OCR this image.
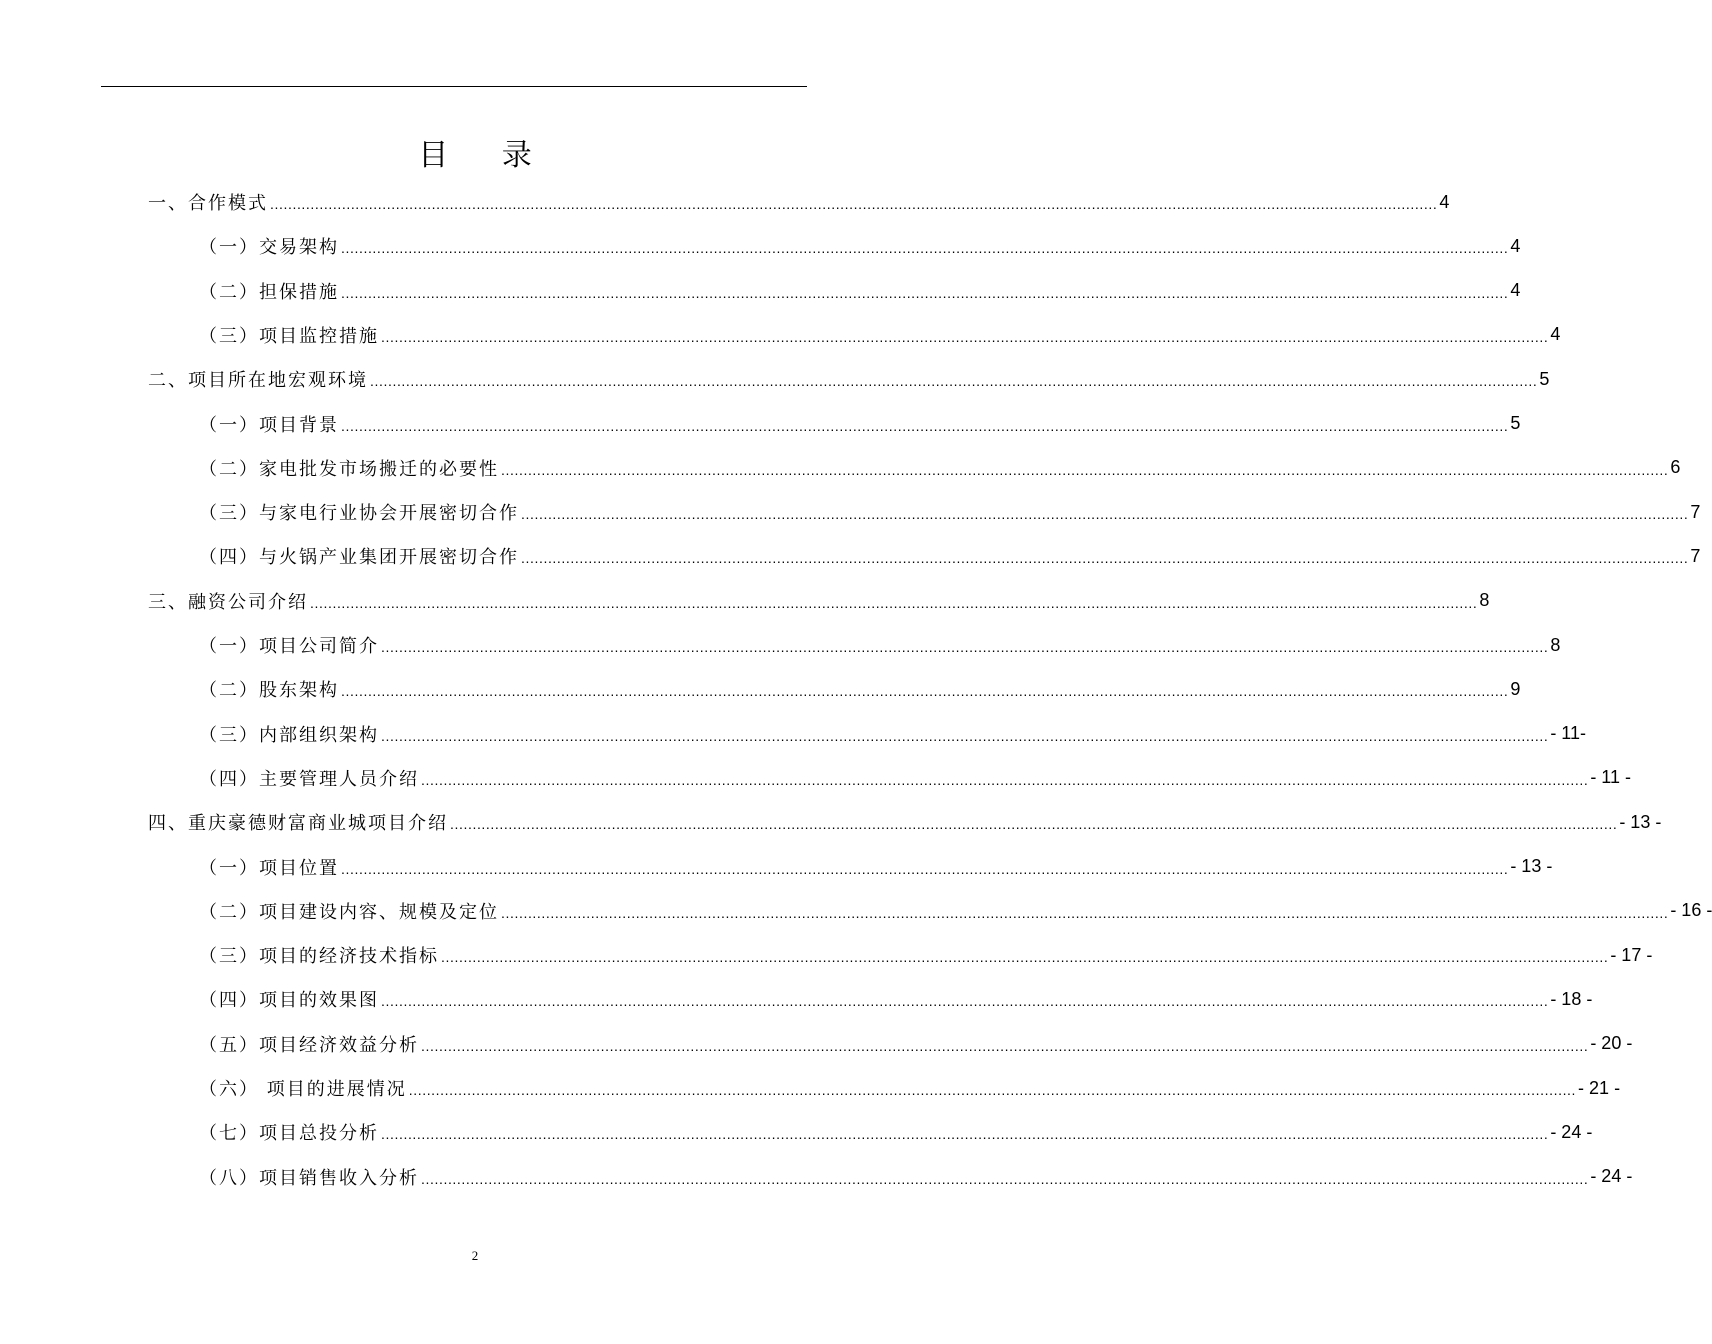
目 录
一、合作模式 .................................................................................................................................................................................................................................................................... 4
（一）交易架构 .................................................................................................................................................................................................................................................................... 4
（二）担保措施 .................................................................................................................................................................................................................................................................... 4
（三）项目监控措施 .................................................................................................................................................................................................................................................................... 4
二、项目所在地宏观环境 .................................................................................................................................................................................................................................................................... 5
（一）项目背景 .................................................................................................................................................................................................................................................................... 5
（二）家电批发市场搬迁的必要性 .................................................................................................................................................................................................................................................................... 6
（三）与家电行业协会开展密切合作 .................................................................................................................................................................................................................................................................... 7
（四）与火锅产业集团开展密切合作 .................................................................................................................................................................................................................................................................... 7
三、融资公司介绍 .................................................................................................................................................................................................................................................................... 8
（一）项目公司简介 .................................................................................................................................................................................................................................................................... 8
（二）股东架构 .................................................................................................................................................................................................................................................................... 9
（三）内部组织架构 .................................................................................................................................................................................................................................................................... - 11-
（四）主要管理人员介绍 .................................................................................................................................................................................................................................................................... - 11 -
四、重庆豪德财富商业城项目介绍 .................................................................................................................................................................................................................................................................... - 13 -
（一）项目位置 .................................................................................................................................................................................................................................................................... - 13 -
（二）项目建设内容、规模及定位 .................................................................................................................................................................................................................................................................... - 16 -
（三）项目的经济技术指标 .................................................................................................................................................................................................................................................................... - 17 -
（四）项目的效果图 .................................................................................................................................................................................................................................................................... - 18 -
（五）项目经济效益分析 .................................................................................................................................................................................................................................................................... - 20 -
（六） 项目的进展情况 .................................................................................................................................................................................................................................................................... - 21 -
（七）项目总投分析 .................................................................................................................................................................................................................................................................... - 24 -
（八）项目销售收入分析 .................................................................................................................................................................................................................................................................... - 24 -
2
